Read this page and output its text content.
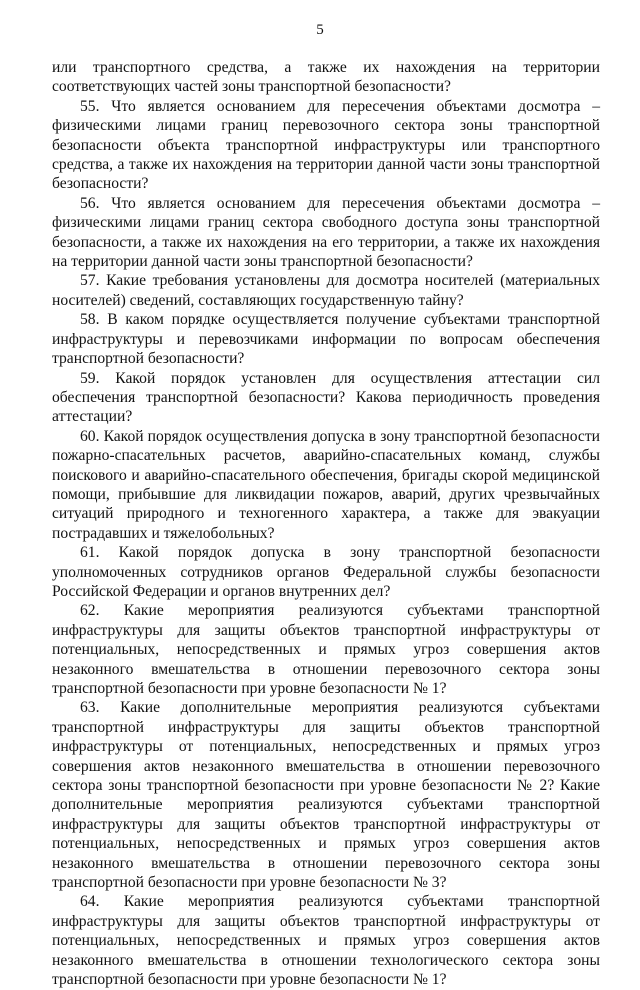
5

или транспортного средства, а также их нахождения на территории соответствующих частей зоны транспортной безопасности?

55. Что является основанием для пересечения объектами досмотра – физическими лицами границ перевозочного сектора зоны транспортной безопасности объекта транспортной инфраструктуры или транспортного средства, а также их нахождения на территории данной части зоны транспортной безопасности?

56. Что является основанием для пересечения объектами досмотра – физическими лицами границ сектора свободного доступа зоны транспортной безопасности, а также их нахождения на его территории, а также их нахождения на территории данной части зоны транспортной безопасности?

57. Какие требования установлены для досмотра носителей (материальных носителей) сведений, составляющих государственную тайну?

58. В каком порядке осуществляется получение субъектами транспортной инфраструктуры и перевозчиками информации по вопросам обеспечения транспортной безопасности?

59. Какой порядок установлен для осуществления аттестации сил обеспечения транспортной безопасности? Какова периодичность проведения аттестации?

60. Какой порядок осуществления допуска в зону транспортной безопасности пожарно-спасательных расчетов, аварийно-спасательных команд, службы поискового и аварийно-спасательного обеспечения, бригады скорой медицинской помощи, прибывшие для ликвидации пожаров, аварий, других чрезвычайных ситуаций природного и техногенного характера, а также для эвакуации пострадавших и тяжелобольных?

61. Какой порядок допуска в зону транспортной безопасности уполномоченных сотрудников органов Федеральной службы безопасности Российской Федерации и органов внутренних дел?

62. Какие мероприятия реализуются субъектами транспортной инфраструктуры для защиты объектов транспортной инфраструктуры от потенциальных, непосредственных и прямых угроз совершения актов незаконного вмешательства в отношении перевозочного сектора зоны транспортной безопасности при уровне безопасности № 1?

63. Какие дополнительные мероприятия реализуются субъектами транспортной инфраструктуры для защиты объектов транспортной инфраструктуры от потенциальных, непосредственных и прямых угроз совершения актов незаконного вмешательства в отношении перевозочного сектора зоны транспортной безопасности при уровне безопасности № 2? Какие дополнительные мероприятия реализуются субъектами транспортной инфраструктуры для защиты объектов транспортной инфраструктуры от потенциальных, непосредственных и прямых угроз совершения актов незаконного вмешательства в отношении перевозочного сектора зоны транспортной безопасности при уровне безопасности № 3?

64. Какие мероприятия реализуются субъектами транспортной инфраструктуры для защиты объектов транспортной инфраструктуры от потенциальных, непосредственных и прямых угроз совершения актов незаконного вмешательства в отношении технологического сектора зоны транспортной безопасности при уровне безопасности № 1?
